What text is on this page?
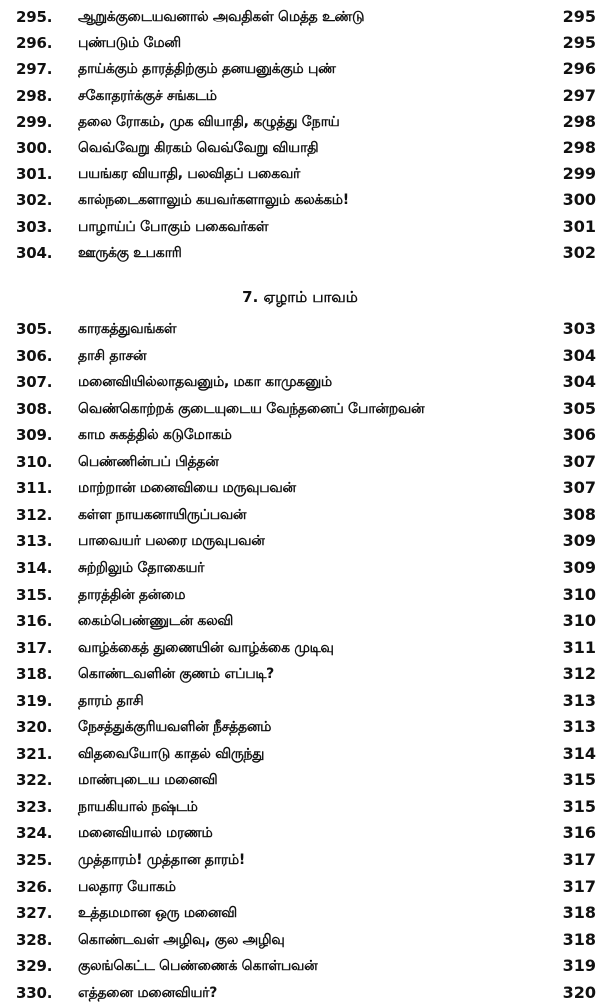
295. ஆறுக்குடையவனால் அவதிகள் மெத்த உண்டு	295
296. புண்படும் மேனி	295
297. தாய்க்கும் தாரத்திற்கும் தனயனுக்கும் புண்	296
298. சகோதரர்க்குச் சங்கடம்	297
299. தலை ரோகம், முக வியாதி, கழுத்து நோய்	298
300. வெவ்வேறு கிரகம் வெவ்வேறு வியாதி	298
301. பயங்கர வியாதி, பலவிதப் பகைவர்	299
302. கால்நடைகளாலும் கயவர்களாலும் கலக்கம்!	300
303. பாழாய்ப் போகும் பகைவர்கள்	301
304. ஊருக்கு உபகாரி	302
7. ஏழாம் பாவம்
305. காரகத்துவங்கள்	303
306. தாசி தாசன்	304
307. மனைவியில்லாதவனும், மகா காமுகனும்	304
308. வெண்கொற்றக் குடையுடைய வேந்தனைப் போன்றவன்	305
309. காம சுகத்தில் கடுமோகம்	306
310. பெண்ணின்பப் பித்தன்	307
311. மாற்றான் மனைவியை மருவுபவன்	307
312. கள்ள நாயகனாயிருப்பவன்	308
313. பாவையர் பலரை மருவுபவன்	309
314. சுற்றிலும் தோகையர்	309
315. தாரத்தின் தன்மை	310
316. கைம்பெண்ணுடன் கலவி	310
317. வாழ்க்கைத் துணையின் வாழ்க்கை முடிவு	311
318. கொண்டவளின் குணம் எப்படி?	312
319. தாரம் தாசி	313
320. நேசத்துக்குரியவளின் நீசத்தனம்	313
321. விதவையோடு காதல் விருந்து	314
322. மாண்புடைய மனைவி	315
323. நாயகியால் நஷ்டம்	315
324. மனைவியால் மரணம்	316
325. முத்தாரம்! முத்தான தாரம்!	317
326. பலதார யோகம்	317
327. உத்தமமான ஒரு மனைவி	318
328. கொண்டவள் அழிவு, குல அழிவு	318
329. குலங்கெட்ட பெண்ணைக் கொள்பவன்	319
330. எத்தனை மனைவியர்?	320
